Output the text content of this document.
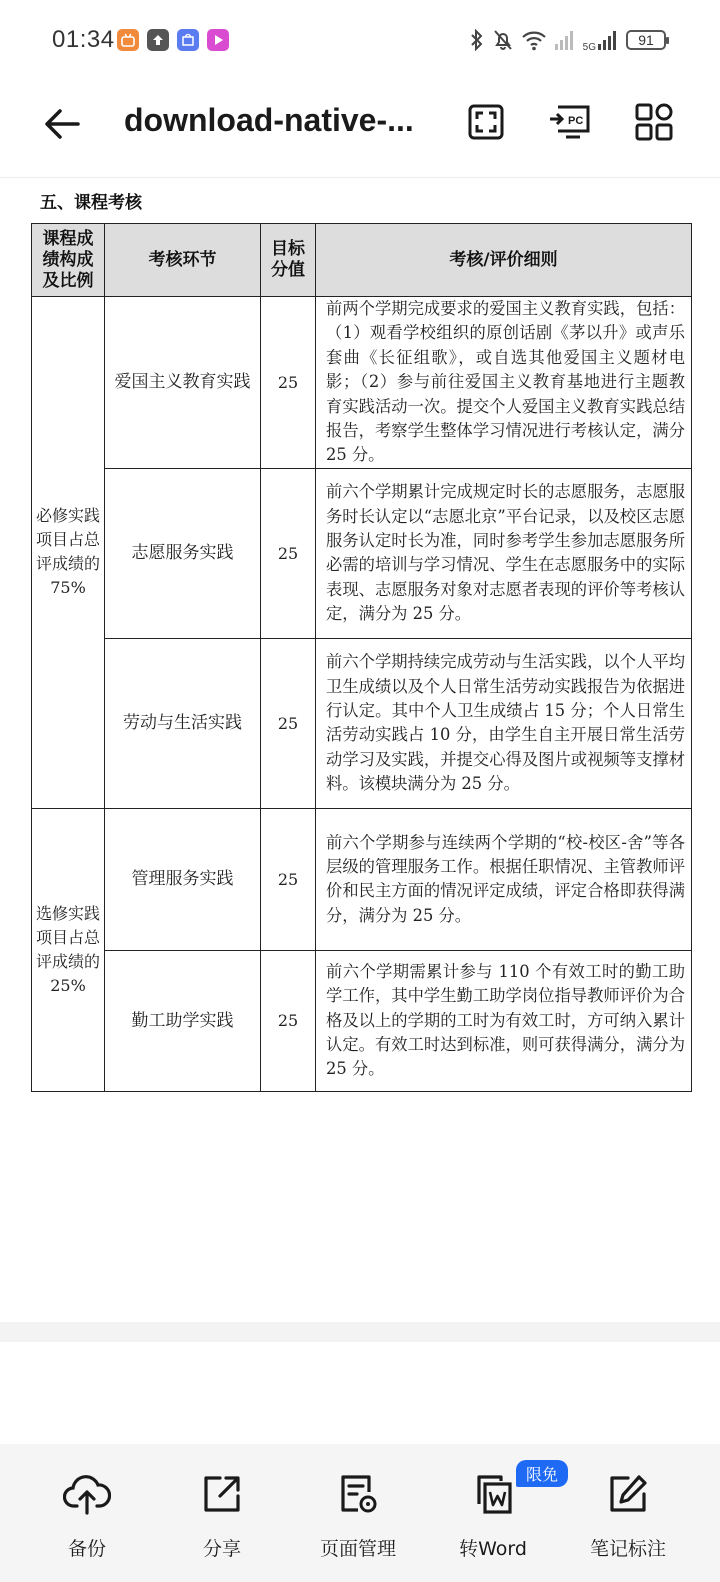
01:34	5G	91
download-native-...	PC
五、课程考核
课程成绩构成及比例	考核环节	目标分值	考核/评价细则
必修实践项目占总评成绩的75%	爱国主义教育实践	25	前两个学期完成要求的爱国主义教育实践，包括：（1）观看学校组织的原创话剧《茅以升》或声乐套曲《长征组歌》，或自选其他爱国主义题材电影；（2）参与前往爱国主义教育基地进行主题教育实践活动一次。提交个人爱国主义教育实践总结报告，考察学生整体学习情况进行考核认定，满分 25 分。
	志愿服务实践	25	前六个学期累计完成规定时长的志愿服务，志愿服务时长认定以“志愿北京”平台记录，以及校区志愿服务认定时长为准，同时参考学生参加志愿服务所必需的培训与学习情况、学生在志愿服务中的实际表现、志愿服务对象对志愿者表现的评价等考核认定，满分为 25 分。
	劳动与生活实践	25	前六个学期持续完成劳动与生活实践，以个人平均卫生成绩以及个人日常生活劳动实践报告为依据进行认定。其中个人卫生成绩占 15 分；个人日常生活劳动实践占 10 分，由学生自主开展日常生活劳动学习及实践，并提交心得及图片或视频等支撑材料。该模块满分为 25 分。
选修实践项目占总评成绩的25%	管理服务实践	25	前六个学期参与连续两个学期的“校-校区-舍”等各层级的管理服务工作。根据任职情况、主管教师评价和民主方面的情况评定成绩，评定合格即获得满分，满分为 25 分。
	勤工助学实践	25	前六个学期需累计参与 110 个有效工时的勤工助学工作，其中学生勤工助学岗位指导教师评价为合格及以上的学期的工时为有效工时，方可纳入累计认定。有效工时达到标准，则可获得满分，满分为 25 分。
备份	分享	页面管理	转Word
限免
笔记标注
